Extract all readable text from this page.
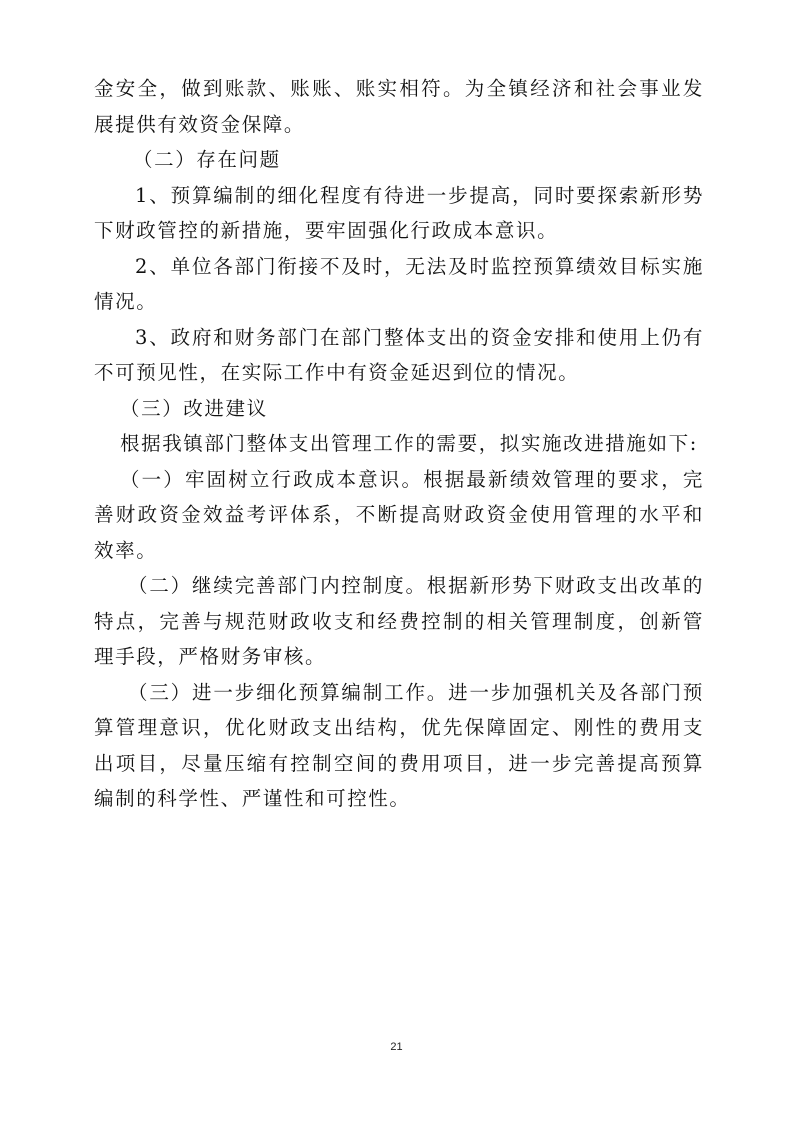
金安全，做到账款、账账、账实相符。为全镇经济和社会事业发展提供有效资金保障。

（二）存在问题

1、预算编制的细化程度有待进一步提高，同时要探索新形势下财政管控的新措施，要牢固强化行政成本意识。

2、单位各部门衔接不及时，无法及时监控预算绩效目标实施情况。

3、政府和财务部门在部门整体支出的资金安排和使用上仍有不可预见性，在实际工作中有资金延迟到位的情况。

（三）改进建议

根据我镇部门整体支出管理工作的需要，拟实施改进措施如下:

（一）牢固树立行政成本意识。根据最新绩效管理的要求，完善财政资金效益考评体系，不断提高财政资金使用管理的水平和效率。

（二）继续完善部门内控制度。根据新形势下财政支出改革的特点，完善与规范财政收支和经费控制的相关管理制度，创新管理手段，严格财务审核。

（三）进一步细化预算编制工作。进一步加强机关及各部门预算管理意识，优化财政支出结构，优先保障固定、刚性的费用支出项目，尽量压缩有控制空间的费用项目，进一步完善提高预算编制的科学性、严谨性和可控性。

21
